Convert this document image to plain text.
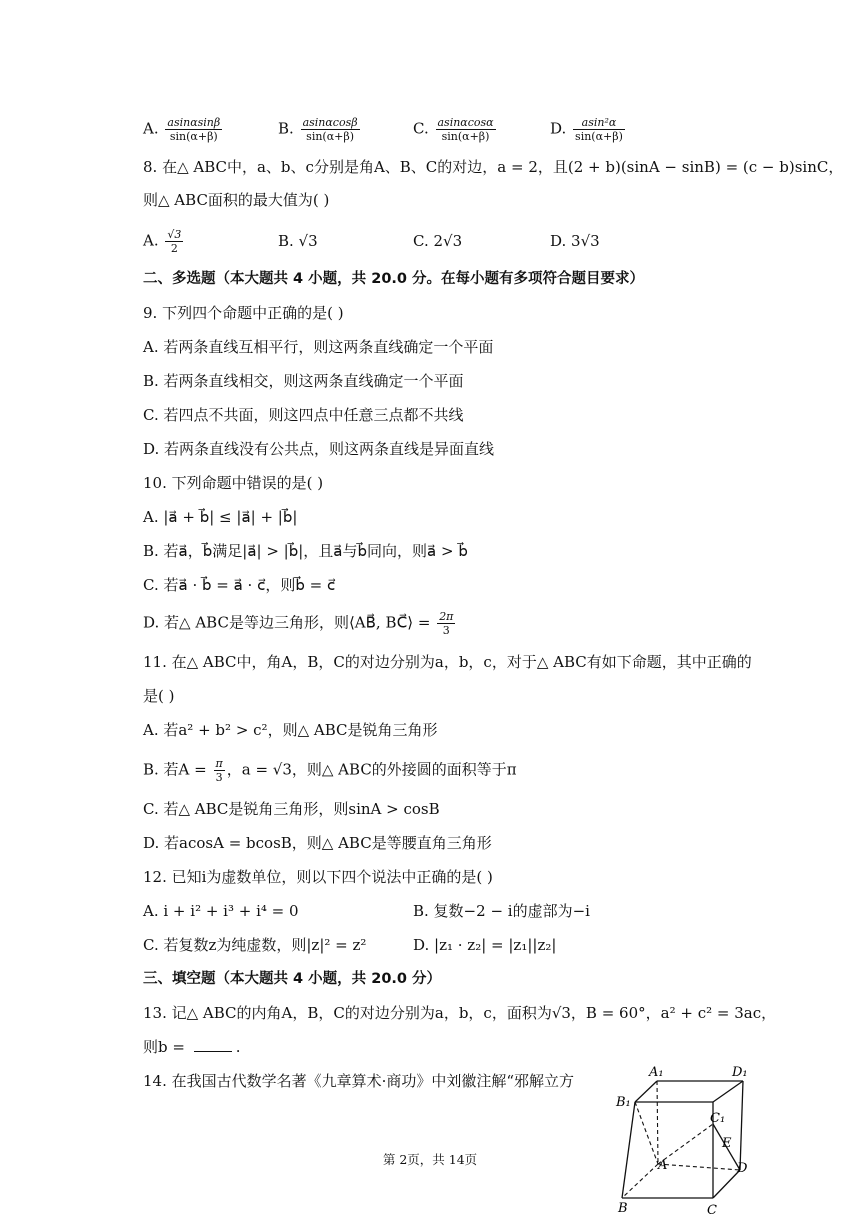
A. $\frac{asin\alpha\sin\beta}{\sin(\alpha+\beta)}$	B. $\frac{asin\alpha\cos\beta}{\sin(\alpha+\beta)}$	C. $\frac{asin\alpha\cos\alpha}{\sin(\alpha+\beta)}$	D. $\frac{\text{asin²α}}{\sin(\alpha+\beta)}$
8. 在△ ABC中，a、b、c分别是角A、B、C的对边，a = 2，且(2 + b)(sinA − sinB) = (c − b)sinC，
则△ ABC面积的最大值为( )
A. $\frac{√3}{2}$	B. √3	C. 2√3	D. 3√3
二、多选题（本大题共 4 小题，共 20.0 分。在每小题有多项符合题目要求）
9. 下列四个命题中正确的是( )
A. 若两条直线互相平行，则这两条直线确定一个平面
B. 若两条直线相交，则这两条直线确定一个平面
C. 若四点不共面，则这四点中任意三点都不共线
D. 若两条直线没有公共点，则这两条直线是异面直线
10. 下列命题中错误的是( )
A. |a⃗ + b⃗| ≤ |a⃗| + |b⃗|
B. 若a⃗，b⃗满足|a⃗| > |b⃗|，且a⃗与b⃗同向，则a⃗ > b⃗
C. 若a⃗ · b⃗ = a⃗ · c⃗，则b⃗ = c⃗
D. 若△ ABC是等边三角形，则⟨AB⃗, BC⃗⟩ = $\frac{2\pi}{3}$
11. 在△ ABC中，角A，B，C的对边分别为a，b，c，对于△ ABC有如下命题，其中正确的
是( )
A. 若a² + b² > c²，则△ ABC是锐角三角形
B. 若$A = \frac{\pi}{3}$ ，a = √3，则△ ABC的外接圆的面积等于π
C. 若△ ABC是锐角三角形，则sinA > cosB
D. 若acosA = bcosB，则△ ABC是等腰直角三角形
12. 已知i为虚数单位，则以下四个说法中正确的是( )
A. i + i² + i³ + i⁴ = 0	B. 复数−2 − i的虚部为−i
C. 若复数z为纯虚数，则|z|² = z²	D. |z₁ · z₂| = |z₁||z₂|
三、填空题（本大题共 4 小题，共 20.0 分）
13. 记△ ABC的内角A，B，C的对边分别为a，b，c，面积为√3，B = 60°，a² + c² = 3ac，
则b =	.
14. 在我国古代数学名著《九章算术·商功》中刘徽注解“邪解立方	A₁	D₁
B₁
C₁
E
A	D
B	C
第 2页，共 14页
